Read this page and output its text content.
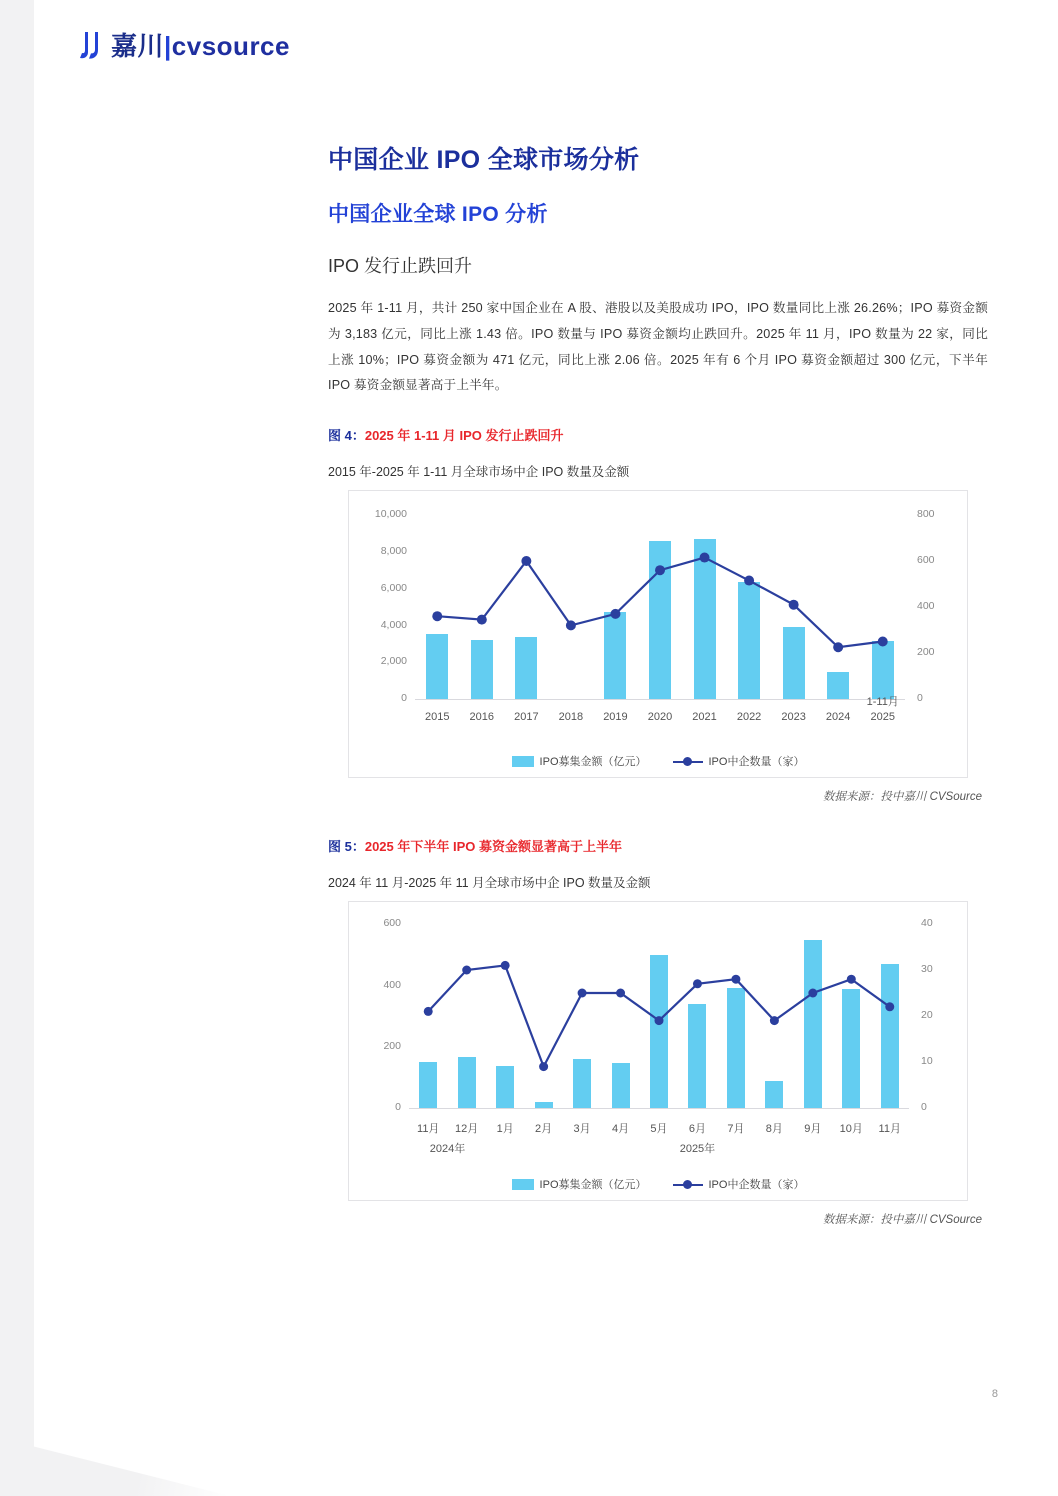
嘉川|cvsource
中国企业 IPO 全球市场分析
中国企业全球 IPO 分析
IPO 发行止跌回升

2025 年 1-11 月，共计 250 家中国企业在 A 股、港股以及美股成功 IPO，IPO 数量同比上涨 26.26%；IPO 募资金额为 3,183 亿元，同比上涨 1.43 倍。IPO 数量与 IPO 募资金额均止跌回升。2025 年 11 月，IPO 数量为 22 家，同比上涨 10%；IPO 募资金额为 471 亿元，同比上涨 2.06 倍。2025 年有 6 个月 IPO 募资金额超过 300 亿元，下半年 IPO 募资金额显著高于上半年。

图 4：2025 年 1-11 月 IPO 发行止跌回升
2015 年-2025 年 1-11 月全球市场中企 IPO 数量及金额
0
2,000
4,000
6,000
8,000
10,000
0
200
400
600
800
2015	2016	2017	2018	2019	2020	2021	2022	2023	2024	2025
1-11月
IPO募集金额（亿元）	IPO中企数量（家）
数据来源：投中嘉川 CVSource
图 5：2025 年下半年 IPO 募资金额显著高于上半年
2024 年 11 月-2025 年 11 月全球市场中企 IPO 数量及金额
0
200
400
600
0
10
20
30
40
11月	12月	1月	2月	3月	4月	5月	6月	7月	8月	9月	10月	11月
2024年	2025年
IPO募集金额（亿元）	IPO中企数量（家）
数据来源：投中嘉川 CVSource
8
